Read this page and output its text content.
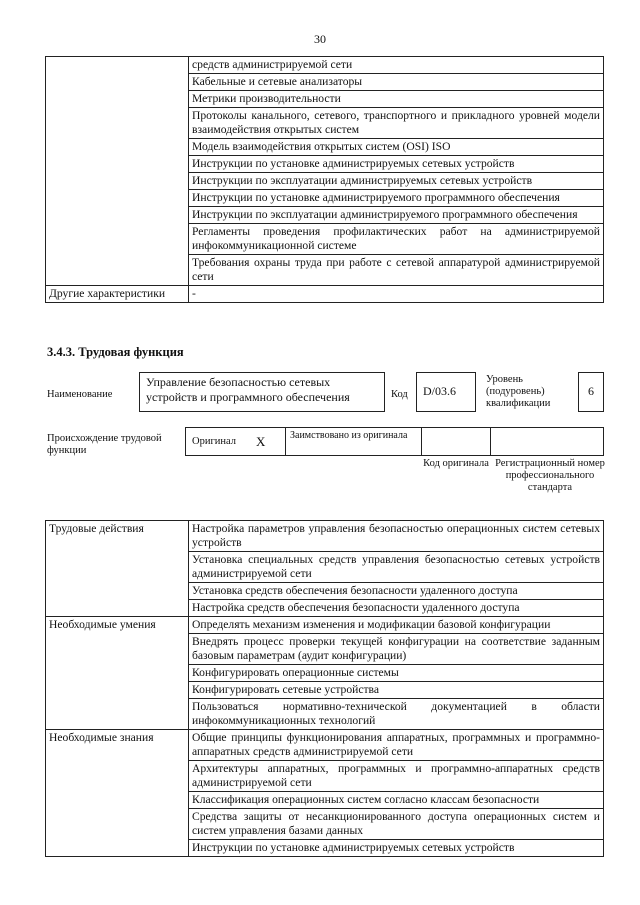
30
	средств администрируемой сети
	Кабельные и сетевые анализаторы
	Метрики производительности
	Протоколы канального, сетевого, транспортного и прикладного уровней модели взаимодействия открытых систем
	Модель взаимодействия открытых систем (OSI) ISO
	Инструкции по установке администрируемых сетевых устройств
	Инструкции по эксплуатации администрируемых сетевых устройств
	Инструкции по установке администрируемого программного обеспечения
	Инструкции по эксплуатации администрируемого программного обеспечения
	Регламенты проведения профилактических работ на администрируемой инфокоммуникационной системе
	Требования охраны труда при работе с сетевой аппаратурой администрируемой сети
Другие характеристики	-
3.4.3. Трудовая функция
Наименование
Управление безопасностью сетевых устройств и программного обеспечения	Код	D/03.6
Уровень (подуровень) квалификации
6
Происхождение трудовой функции
Оригинал X Заимствовано из оригинала
Код оригинала Регистрационный номер профессионального стандарта
Трудовые действия	Настройка параметров управления безопасностью операционных систем сетевых устройств
	Установка специальных средств управления безопасностью сетевых устройств администрируемой сети
	Установка средств обеспечения безопасности удаленного доступа
	Настройка средств обеспечения безопасности удаленного доступа
Необходимые умения	Определять механизм изменения и модификации базовой конфигурации
	Внедрять процесс проверки текущей конфигурации на соответствие заданным базовым параметрам (аудит конфигурации)
	Конфигурировать операционные системы
	Конфигурировать сетевые устройства
	Пользоваться нормативно-технической документацией в области инфокоммуникационных технологий
Необходимые знания	Общие принципы функционирования аппаратных, программных и программно-аппаратных средств администрируемой сети
	Архитектуры аппаратных, программных и программно-аппаратных средств администрируемой сети
	Классификация операционных систем согласно классам безопасности
	Средства защиты от несанкционированного доступа операционных систем и систем управления базами данных
	Инструкции по установке администрируемых сетевых устройств
